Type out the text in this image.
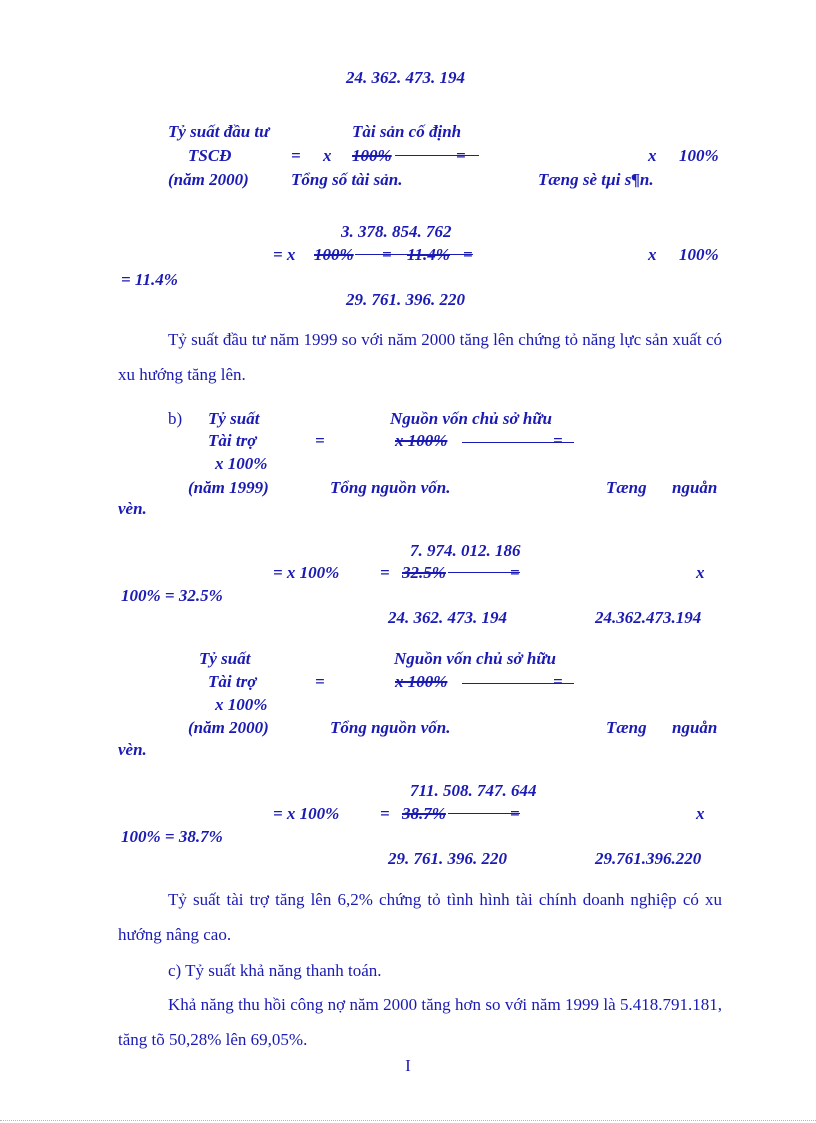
24. 362. 473. 194
Tỷ suất đầu tư	Tài sản cố định
TSCĐ	= x 100%	=	x 100%
(năm 2000) Tổng số tài sản.	Tæng sè tµi s¶n.
3. 378. 854. 762
= x 100% = 11.4% =	x 100%
= 11.4%
29. 761. 396. 220
Tỷ suất đầu tư năm 1999 so với năm 2000 tăng lên chứng tỏ năng lực sản xuất có xu hướng tăng lên.
b) Tỷ suất	Nguồn vốn chủ sở hữu
Tài trợ	=	x 100%	=
x 100%
(năm 1999)	Tổng nguồn vốn.	Tæng nguån
vèn.
7. 974. 012. 186
= x 100% = 32.5%	=	x
100% = 32.5%
24. 362. 473. 194	24.362.473.194
Tỷ suất	Nguồn vốn chủ sở hữu
Tài trợ	=	x 100%	=
x 100%
(năm 2000)	Tổng nguồn vốn.	Tæng nguån
vèn.
711. 508. 747. 644
= x 100% = 38.7%	=	x
100% = 38.7%
29. 761. 396. 220	29.761.396.220
Tỷ suất tài trợ tăng lên 6,2% chứng tỏ tình hình tài chính doanh nghiệp có xu hướng nâng cao.
c) Tỷ suất khả năng thanh toán.
Khả năng thu hồi công nợ năm 2000 tăng hơn so với năm 1999 là 5.418.791.181, tăng tõ 50,28% lên 69,05%.
I
